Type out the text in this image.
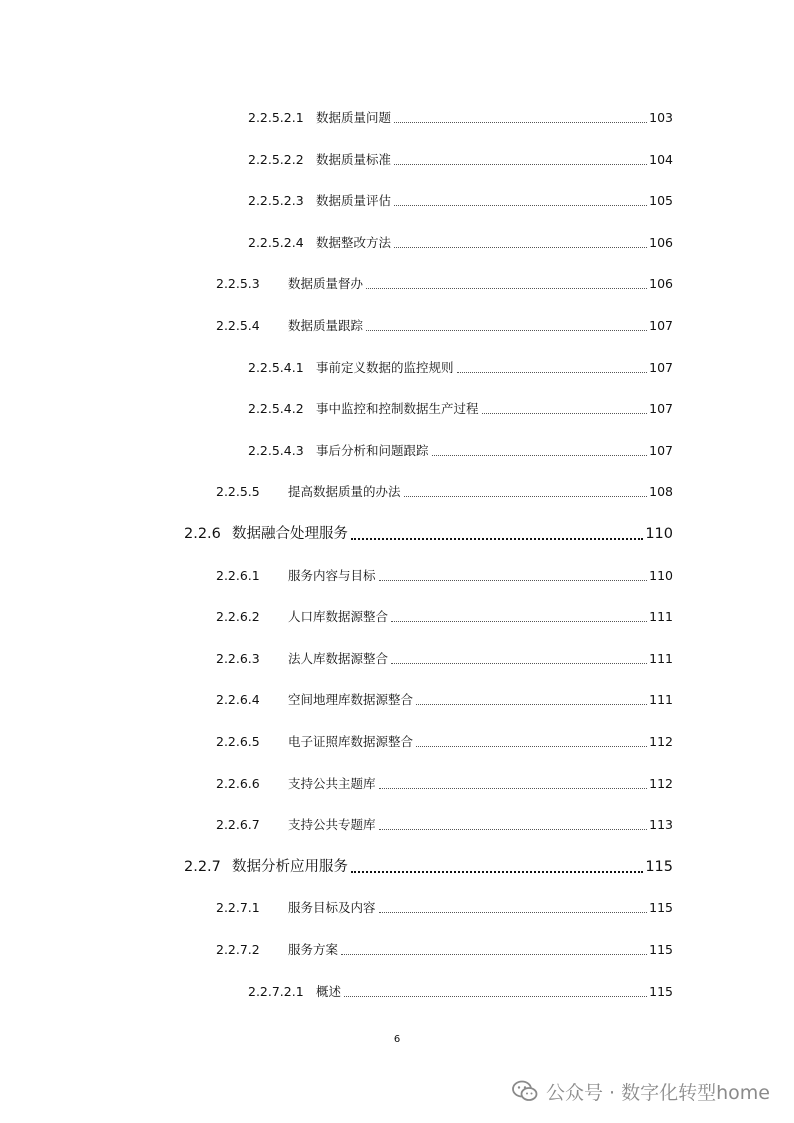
2.2.5.2.1 数据质量问题	103
2.2.5.2.2 数据质量标准	104
2.2.5.2.3 数据质量评估	105
2.2.5.2.4 数据整改方法	106
2.2.5.3	数据质量督办	106
2.2.5.4	数据质量跟踪	107
2.2.5.4.1 事前定义数据的监控规则	107
2.2.5.4.2 事中监控和控制数据生产过程	107
2.2.5.4.3 事后分析和问题跟踪	107
2.2.5.5	提高数据质量的办法	108
2.2.6 数据融合处理服务	110
2.2.6.1	服务内容与目标	110
2.2.6.2	人口库数据源整合	111
2.2.6.3	法人库数据源整合	111
2.2.6.4	空间地理库数据源整合	111
2.2.6.5	电子证照库数据源整合	112
2.2.6.6	支持公共主题库	112
2.2.6.7	支持公共专题库	113
2.2.7 数据分析应用服务	115
2.2.7.1	服务目标及内容	115
2.2.7.2	服务方案	115
2.2.7.2.1 概述	115
6
公众号 · 数字化转型home
